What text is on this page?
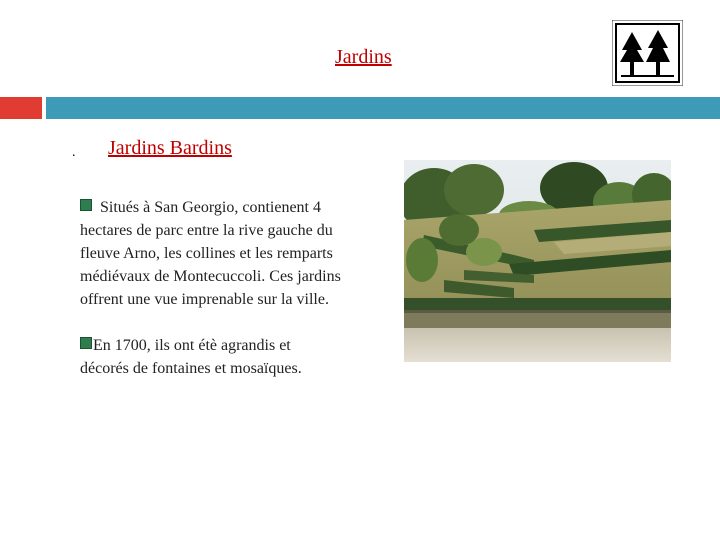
Jardins
. Jardins Bardins

Situés à San Georgio, contienent 4 hectares de parc entre la rive gauche du fleuve Arno, les collines et les remparts médiévaux de Montecuccoli. Ces jardins offrent une vue imprenable sur la ville.

En 1700, ils ont étè agrandis et décorés de fontaines et mosaïques.
